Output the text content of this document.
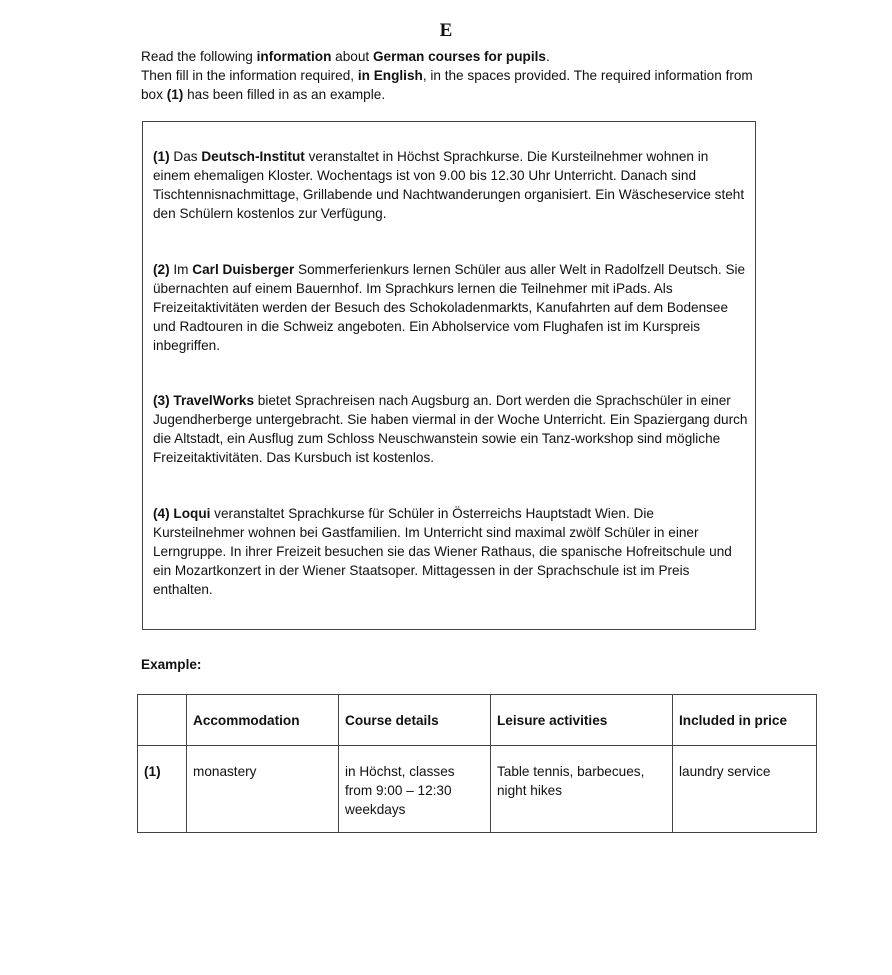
E

Read the following information about German courses for pupils.

Then fill in the information required, in English, in the spaces provided. The required information from box (1) has been filled in as an example.

(1) Das Deutsch-Institut veranstaltet in Höchst Sprachkurse. Die Kursteilnehmer wohnen in einem ehemaligen Kloster. Wochentags ist von 9.00 bis 12.30 Uhr Unterricht. Danach sind Tischtennisnachmittage, Grillabende und Nachtwanderungen organisiert. Ein Wäscheservice steht den Schülern kostenlos zur Verfügung.

(2) Im Carl Duisberger Sommerferienkurs lernen Schüler aus aller Welt in Radolfzell Deutsch. Sie übernachten auf einem Bauernhof. Im Sprachkurs lernen die Teilnehmer mit iPads. Als Freizeitaktivitäten werden der Besuch des Schokoladenmarkts, Kanufahrten auf dem Bodensee und Radtouren in die Schweiz angeboten. Ein Abholservice vom Flughafen ist im Kurspreis inbegriffen.

(3) TravelWorks bietet Sprachreisen nach Augsburg an. Dort werden die Sprachschüler in einer Jugendherberge untergebracht. Sie haben viermal in der Woche Unterricht. Ein Spaziergang durch die Altstadt, ein Ausflug zum Schloss Neuschwanstein sowie ein Tanz-workshop sind mögliche Freizeitaktivitäten. Das Kursbuch ist kostenlos.

(4) Loqui veranstaltet Sprachkurse für Schüler in Österreichs Hauptstadt Wien. Die Kursteilnehmer wohnen bei Gastfamilien. Im Unterricht sind maximal zwölf Schüler in einer Lerngruppe. In ihrer Freizeit besuchen sie das Wiener Rathaus, die spanische Hofreitschule und ein Mozartkonzert in der Wiener Staatsoper. Mittagessen in der Sprachschule ist im Preis enthalten.

Example:
	Accommodation	Course details	Leisure activities	Included in price
(1)	monastery	in Höchst, classes from 9:00 – 12:30 weekdays	Table tennis, barbecues, night hikes	laundry service
